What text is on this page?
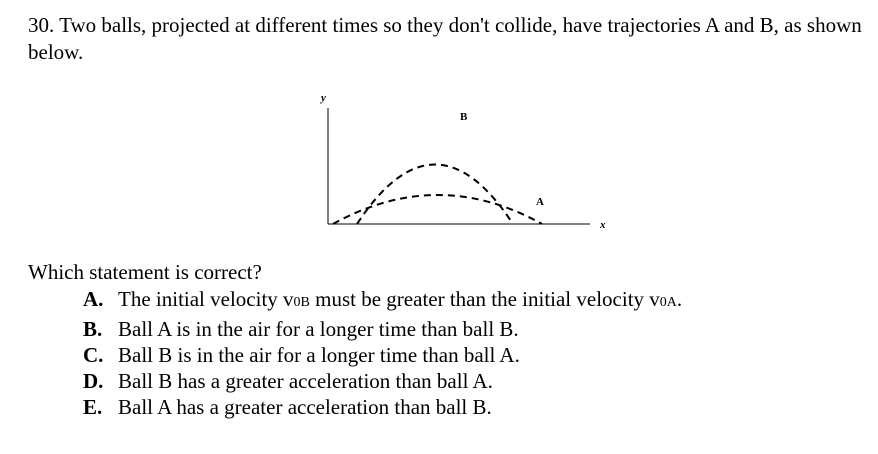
30. Two balls, projected at different times so they don't collide, have trajectories A and B, as shown below.
y
B
A
x
Which statement is correct?
A. The initial velocity v0B must be greater than the initial velocity v0A.
B. Ball A is in the air for a longer time than ball B.
C. Ball B is in the air for a longer time than ball A.
D. Ball B has a greater acceleration than ball A.
E. Ball A has a greater acceleration than ball B.
